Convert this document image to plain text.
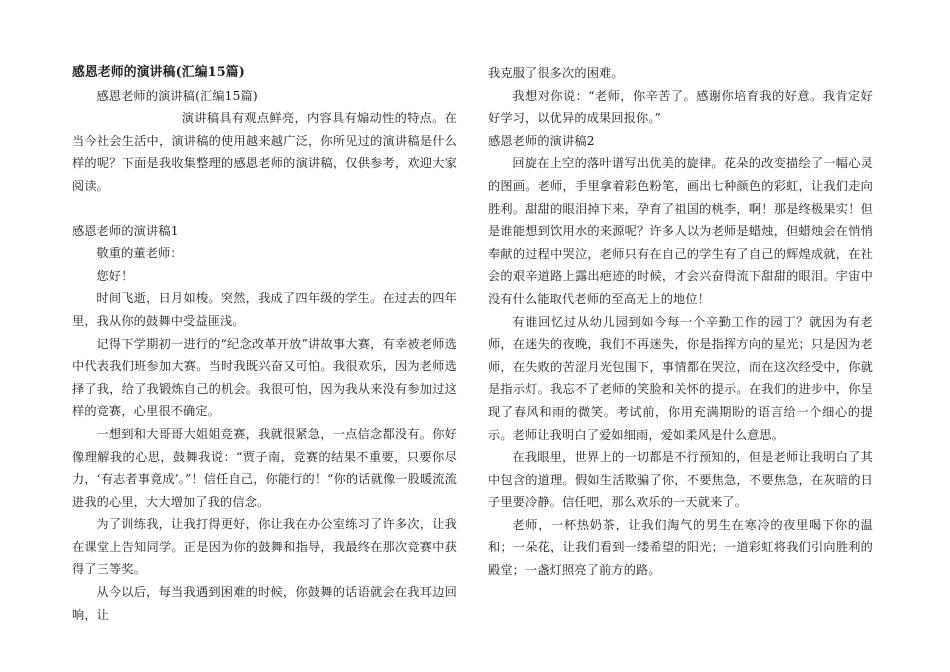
感恩老师的演讲稿(汇编15篇)

感恩老师的演讲稿(汇编15篇)

演讲稿具有观点鲜亮，内容具有煽动性的特点。在当今社会生活中，演讲稿的使用越来越广泛，你所见过的演讲稿是什么样的呢？下面是我收集整理的感恩老师的演讲稿，仅供参考，欢迎大家阅读。

感恩老师的演讲稿1

敬重的董老师：

您好！

时间飞逝，日月如梭。突然，我成了四年级的学生。在过去的四年里，我从你的鼓舞中受益匪浅。

记得下学期初一进行的“纪念改革开放”讲故事大赛，有幸被老师选中代表我们班参加大赛。当时我既兴奋又可怕。我很欢乐，因为老师选择了我，给了我锻炼自己的机会。我很可怕，因为我从来没有参加过这样的竞赛，心里很不确定。

一想到和大哥哥大姐姐竞赛，我就很紧急，一点信念都没有。你好像理解我的心思，鼓舞我说：“贾子南，竞赛的结果不重要，只要你尽力，‘有志者事竟成’。”！信任自己，你能行的！“你的话就像一股暖流流进我的心里，大大增加了我的信念。

为了训练我，让我打得更好，你让我在办公室练习了许多次，让我在课堂上告知同学。正是因为你的鼓舞和指导，我最终在那次竞赛中获得了三等奖。

从今以后，每当我遇到困难的时候，你鼓舞的话语就会在我耳边回响，让

我克服了很多次的困难。

我想对你说：“老师，你辛苦了。感谢你培育我的好意。我肯定好好学习，以优异的成果回报你。”

感恩老师的演讲稿2

回旋在上空的落叶谱写出优美的旋律。花朵的改变描绘了一幅心灵的图画。老师，手里拿着彩色粉笔，画出七种颜色的彩虹，让我们走向胜利。甜甜的眼泪掉下来，孕育了祖国的桃李，啊！那是终极果实！但是谁能想到饮用水的来源呢？许多人以为老师是蜡烛，但蜡烛会在悄悄奉献的过程中哭泣，老师只有在自己的学生有了自己的辉煌成就，在社会的艰辛道路上露出疤迹的时候，才会兴奋得流下甜甜的眼泪。宇宙中没有什么能取代老师的至高无上的地位！

有谁回忆过从幼儿园到如今每一个辛勤工作的园丁？就因为有老师，在迷失的夜晚，我们不再迷失，你是指挥方向的星光；只是因为老师，在失败的苦涩月光包围下，事情都在哭泣，而在这次经受中，你就是指示灯。我忘不了老师的笑脸和关怀的提示。在我们的进步中，你呈现了春风和雨的微笑。考试前，你用充满期盼的语言给一个细心的提示。老师让我明白了爱如细雨，爱如柔风是什么意思。

在我眼里，世界上的一切都是不行预知的，但是老师让我明白了其中包含的道理。假如生活欺骗了你，不要焦急，不要焦急，在灰暗的日子里要冷静。信任吧，那么欢乐的一天就来了。

老师，一杯热奶茶，让我们淘气的男生在寒冷的夜里喝下你的温和；一朵花，让我们看到一缕希望的阳光；一道彩虹将我们引向胜利的殿堂；一盏灯照亮了前方的路。
